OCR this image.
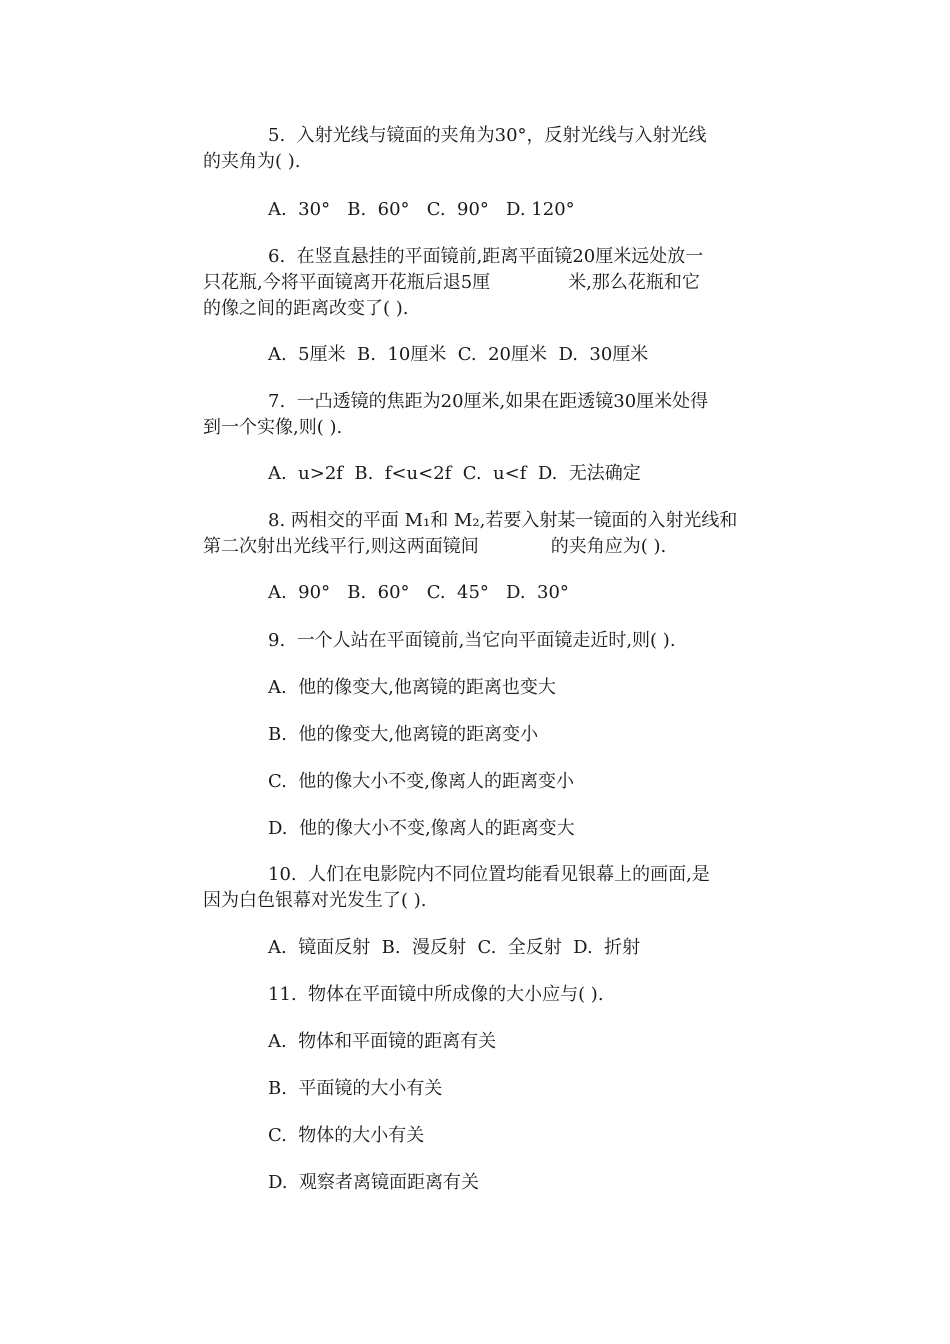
5.  入射光线与镜面的夹角为30°，反射光线与入射光线
的夹角为( ).
A.  30°   B.  60°   C.  90°   D. 120°
6.  在竖直悬挂的平面镜前,距离平面镜20厘米远处放一
只花瓶,今将平面镜离开花瓶后退5厘	米,那么花瓶和它
的像之间的距离改变了( ).
A.  5厘米  B.  10厘米  C.  20厘米  D.  30厘米
7.  一凸透镜的焦距为20厘米,如果在距透镜30厘米处得
到一个实像,则( ).
A.  u>2f  B.  f<u<2f  C.  u<f  D.  无法确定
8. 两相交的平面 M₁和 M₂,若要入射某一镜面的入射光线和
第二次射出光线平行,则这两面镜间	的夹角应为( ).
A.  90°   B.  60°   C.  45°   D.  30°
9.  一个人站在平面镜前,当它向平面镜走近时,则( ).
A.  他的像变大,他离镜的距离也变大
B.  他的像变大,他离镜的距离变小
C.  他的像大小不变,像离人的距离变小
D.  他的像大小不变,像离人的距离变大
10.  人们在电影院内不同位置均能看见银幕上的画面,是
因为白色银幕对光发生了( ).
A.  镜面反射  B.  漫反射  C.  全反射  D.  折射
11.  物体在平面镜中所成像的大小应与( ).
A.  物体和平面镜的距离有关
B.  平面镜的大小有关
C.  物体的大小有关
D.  观察者离镜面距离有关
